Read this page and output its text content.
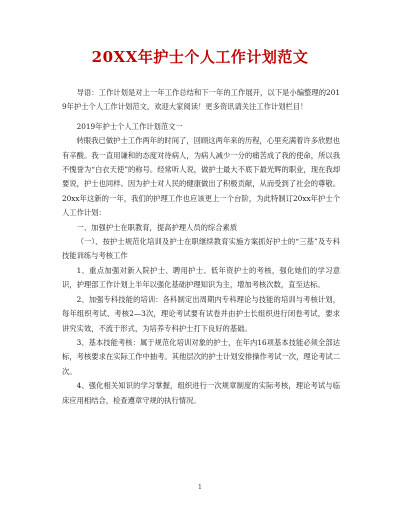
20XX年护士个人工作计划范文

导语：工作计划是对上一年工作总结和下一年的工作展开，以下是小编整理的2019年护士个人工作计划范文，欢迎大家阅读！更多资讯请关注工作计划栏目！

2019年护士个人工作计划范文一

转眼我已做护士工作两年的时间了，回顾这两年来的历程，心里充满着许多欣慰也有辛酸。我一直用谦和的态度对待病人，为病人减少一分的痛苦成了我的使命，所以我不愧誉为“白衣天使”的称号。经常听人说，做护士最大不底下最光辉的职业，现在我却要说，护士也同样。因为护士对人民的健康做出了积极贡献，从而受到了社会的尊敬。20xx年这新的一年，我们的护理工作也应该更上一个台阶，为此特制订20xx年护士个人工作计划：

一、加强护士在职教育，提高护理人员的综合素质

（一）、按护士规范化培训及护士在职继续教育实施方案抓好护士的“三基”及专科技能训练与考核工作

1、重点加强对新入院护士、聘用护士、低年资护士的考核，强化她们的学习意识，护理部工作计划上半年以强化基础护理知识为主，增加考核次数，直至达标。

2、加强专科技能的培训：各科制定出周期内专科理论与技能的培训与考核计划，每年组织考试、考核2—3次，理论考试要有试卷并由护士长组织进行闭卷考试，要求讲究实效，不流于形式，为培养专科护士打下良好的基础。

3、基本技能考核：属于规范化培训对象的护士，在年内16项基本技能必须全部达标，考核要求在实际工作中抽考。其他层次的护士计划安排操作考试一次，理论考试二次。

4、强化相关知识的学习掌握，组织进行一次规章制度的实际考核，理论考试与临床应用相结合，检查遵章守规的执行情况。

1
